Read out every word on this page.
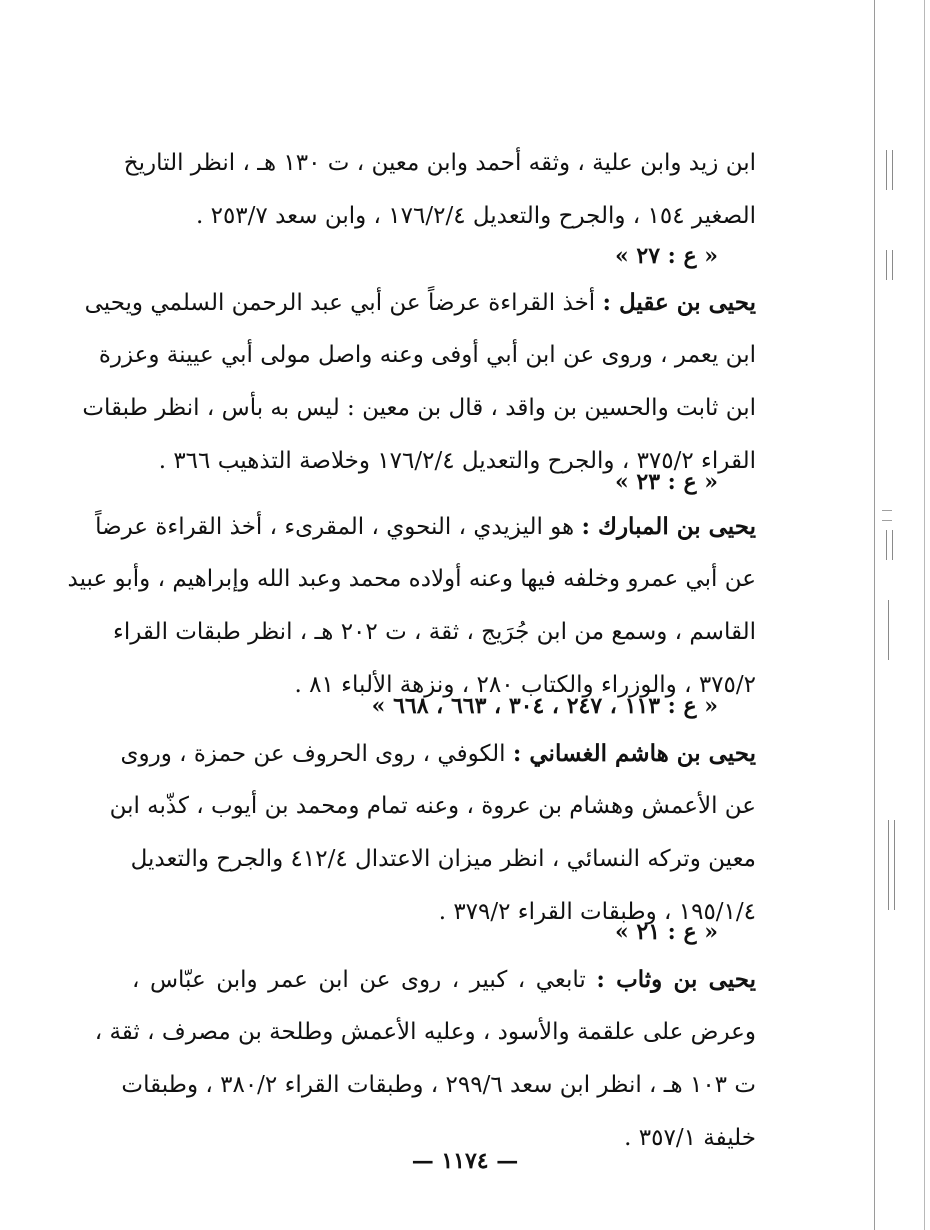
ابن زيد وابن علية ، وثقه أحمد وابن معين ، ت ١٣٠ هـ ، انظر التاريخ
الصغير ١٥٤ ، والجرح والتعديل ١٧٦/٢/٤ ، وابن سعد ٢٥٣/٧ .
« ع : ٢٧ »
يحيى بن عقيل : أخذ القراءة عرضاً عن أبي عبد الرحمن السلمي ويحيى
ابن يعمر ، وروى عن ابن أبي أوفى وعنه واصل مولى أبي عيينة وعزرة
ابن ثابت والحسين بن واقد ، قال بن معين : ليس به بأس ، انظر طبقات
القراء ٣٧٥/٢ ، والجرح والتعديل ١٧٦/٢/٤ وخلاصة التذهيب ٣٦٦ .
« ع : ٢٣ »
يحيى بن المبارك : هو اليزيدي ، النحوي ، المقرىء ، أخذ القراءة عرضاً
عن أبي عمرو وخلفه فيها وعنه أولاده محمد وعبد الله وإبراهيم ، وأبو عبيد
القاسم ، وسمع من ابن جُرَيج ، ثقة ، ت ٢٠٢ هـ ، انظر طبقات القراء
٣٧٥/٢ ، والوزراء والكتاب ٢٨٠ ، ونزهة الألباء ٨١ .
« ع : ١١٣ ، ٢٤٧ ، ٣٠٤ ، ٦٦٣ ، ٦٦٨ »
يحيى بن هاشم الغساني : الكوفي ، روى الحروف عن حمزة ، وروى
عن الأعمش وهشام بن عروة ، وعنه تمام ومحمد بن أيوب ، كذّبه ابن
معين وتركه النسائي ، انظر ميزان الاعتدال ٤١٢/٤ والجرح والتعديل
١٩٥/١/٤ ، وطبقات القراء ٣٧٩/٢ .
« ع : ٢١ »
يحيى بن وثاب : تابعي ، كبير ، روى عن ابن عمر وابن عبّاس ،
وعرض على علقمة والأسود ، وعليه الأعمش وطلحة بن مصرف ، ثقة ،
ت ١٠٣ هـ ، انظر ابن سعد ٢٩٩/٦ ، وطبقات القراء ٣٨٠/٢ ، وطبقات
خليفة ٣٥٧/١ .
— ١١٧٤ —
